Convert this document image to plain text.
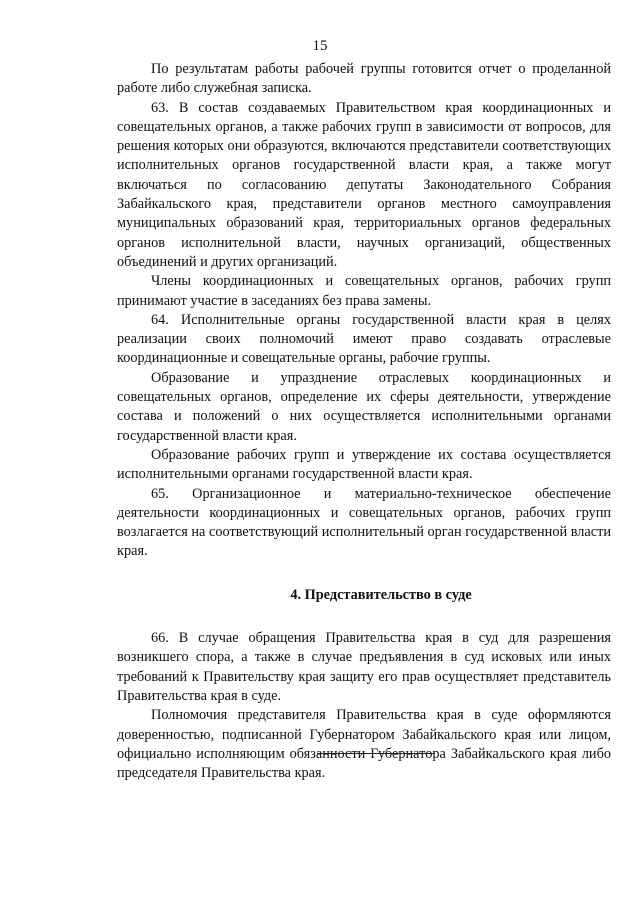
15

По результатам работы рабочей группы готовится отчет о проделанной работе либо служебная записка.

63. В состав создаваемых Правительством края координационных и совещательных органов, а также рабочих групп в зависимости от вопросов, для решения которых они образуются, включаются представители соответствующих исполнительных органов государственной власти края, а также могут включаться по согласованию депутаты Законодательного Собрания Забайкальского края, представители органов местного самоуправления муниципальных образований края, территориальных органов федеральных органов исполнительной власти, научных организаций, общественных объединений и других организаций.

Члены координационных и совещательных органов, рабочих групп принимают участие в заседаниях без права замены.

64. Исполнительные органы государственной власти края в целях реализации своих полномочий имеют право создавать отраслевые координационные и совещательные органы, рабочие группы.

Образование и упразднение отраслевых координационных и совещательных органов, определение их сферы деятельности, утверждение состава и положений о них осуществляется исполнительными органами государственной власти края.

Образование рабочих групп и утверждение их состава осуществляется исполнительными органами государственной власти края.

65. Организационное и материально-техническое обеспечение деятельности координационных и совещательных органов, рабочих групп возлагается на соответствующий исполнительный орган государственной власти края.

4. Представительство в суде

66. В случае обращения Правительства края в суд для разрешения возникшего спора, а также в случае предъявления в суд исковых или иных требований к Правительству края защиту его прав осуществляет представитель Правительства края в суде.

Полномочия представителя Правительства края в суде оформляются доверенностью, подписанной Губернатором Забайкальского края или лицом, официально исполняющим обязанности Губернатора Забайкальского края либо председателя Правительства края.
